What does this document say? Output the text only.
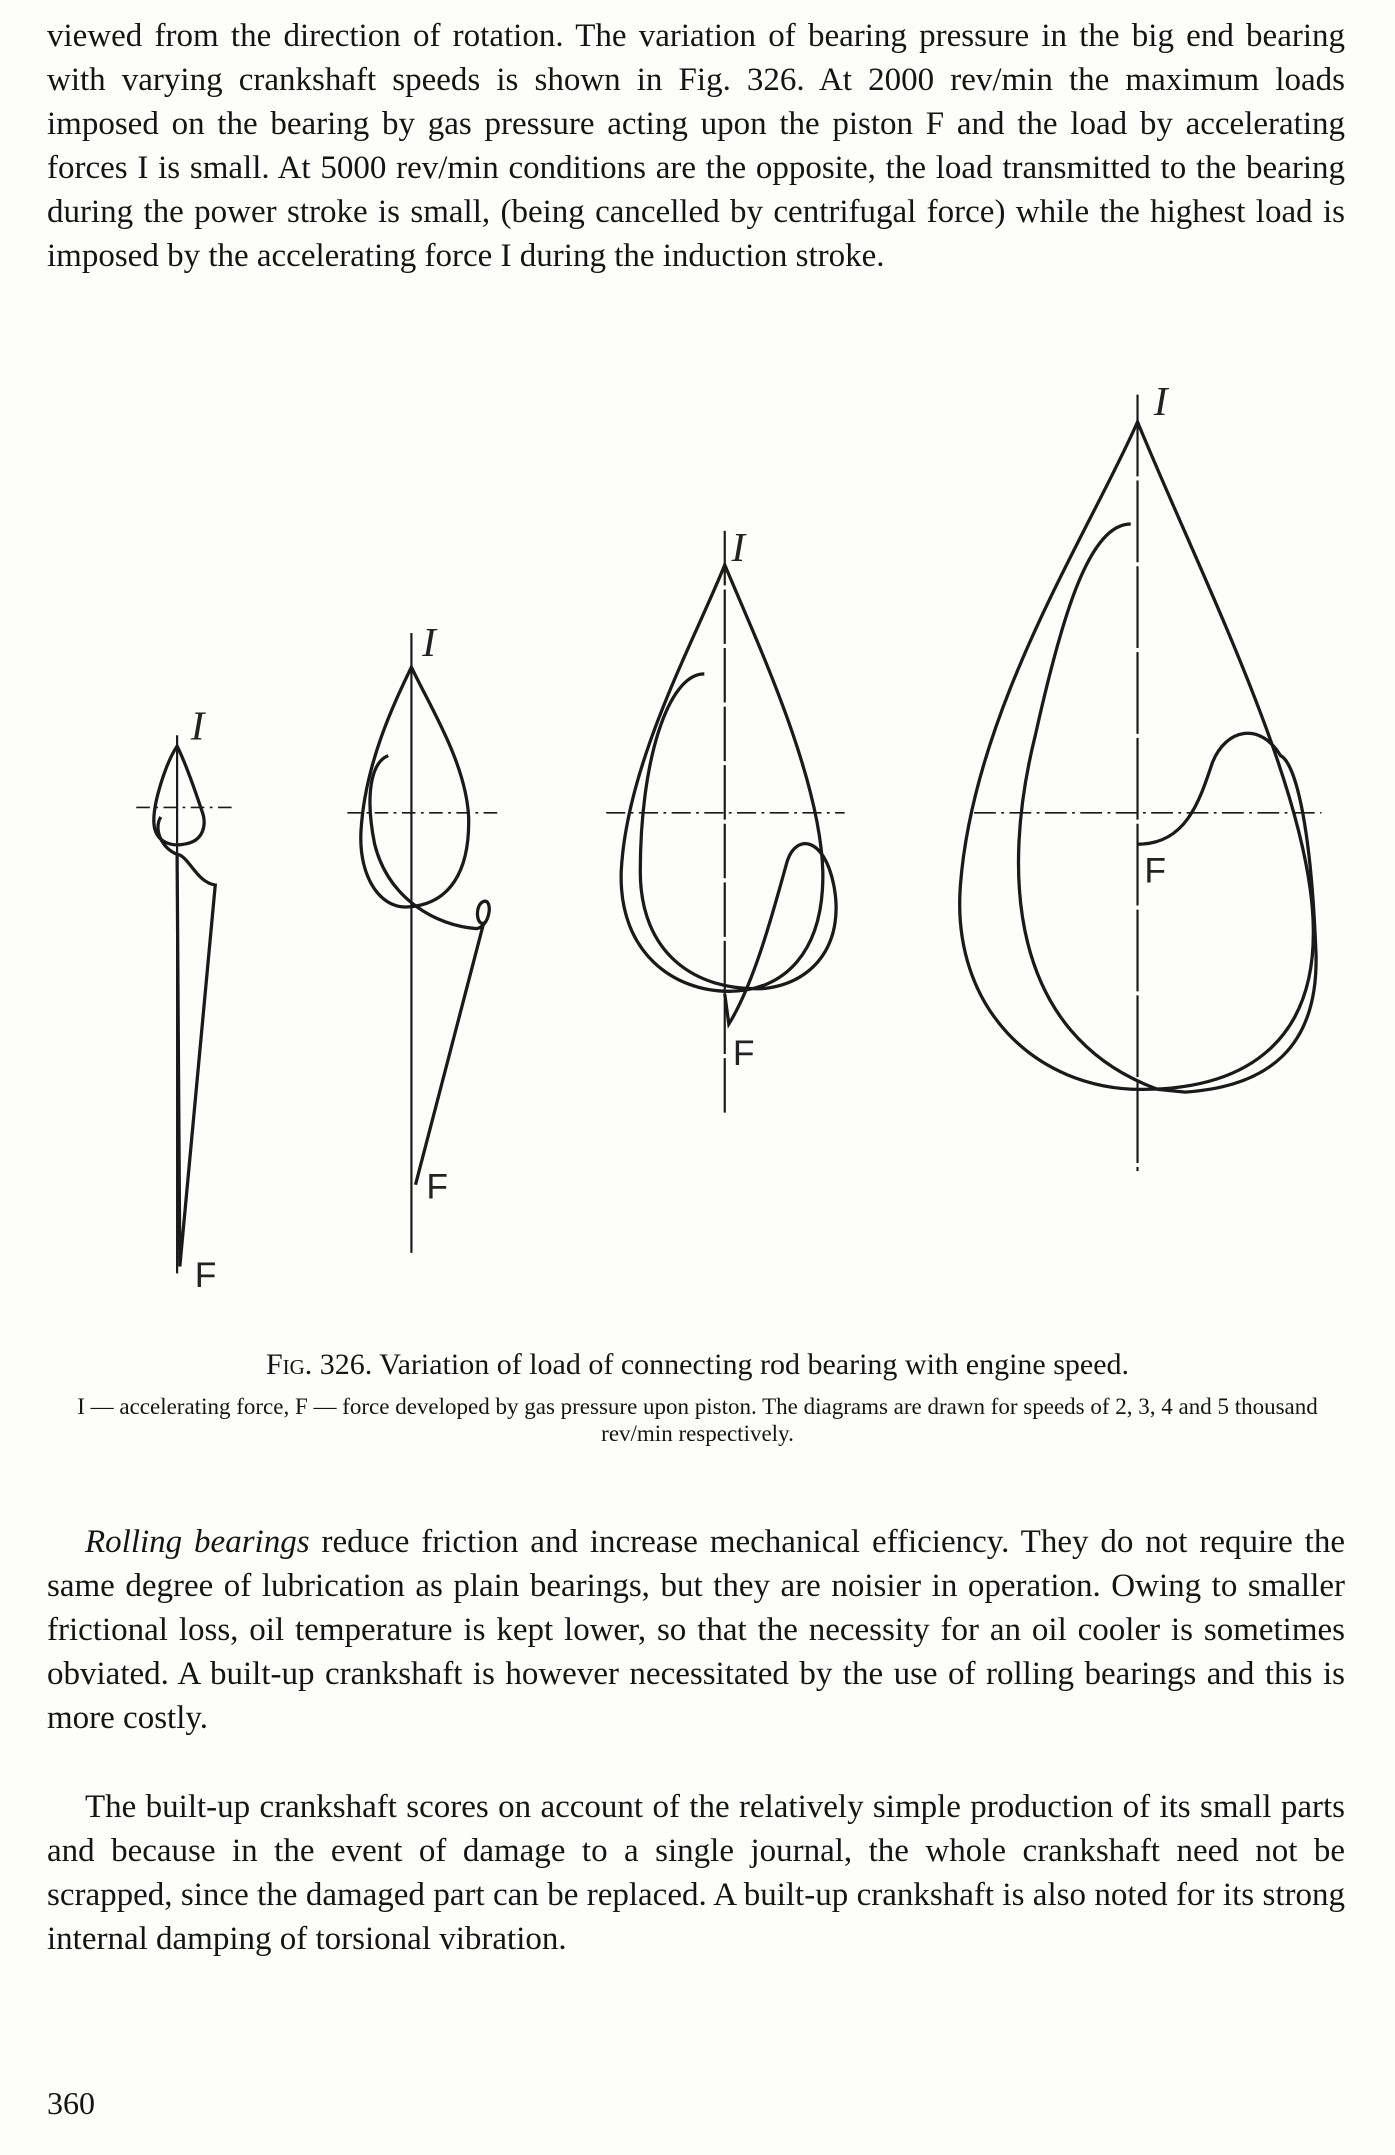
viewed from the direction of rotation. The variation of bearing pressure in the big end bearing with varying crankshaft speeds is shown in Fig. 326. At 2000 rev/min the maximum loads imposed on the bearing by gas pressure acting upon the piston F and the load by accelerating forces I is small. At 5000 rev/min conditions are the opposite, the load transmitted to the bearing during the power stroke is small, (being cancelled by centrifugal force) while the highest load is imposed by the accelerating force I during the induction stroke.

I
F
I
F
I
F
I
F
Fig. 326. Variation of load of connecting rod bearing with engine speed.
I — accelerating force, F — force developed by gas pressure upon piston. The diagrams are drawn for speeds of 2, 3, 4 and 5 thousand rev/min respectively.

Rolling bearings reduce friction and increase mechanical efficiency. They do not require the same degree of lubrication as plain bearings, but they are noisier in operation. Owing to smaller frictional loss, oil temperature is kept lower, so that the necessity for an oil cooler is sometimes obviated. A built-up crankshaft is however necessitated by the use of rolling bearings and this is more costly.

The built-up crankshaft scores on account of the relatively simple production of its small parts and because in the event of damage to a single journal, the whole crankshaft need not be scrapped, since the damaged part can be replaced. A built-up crankshaft is also noted for its strong internal damping of torsional vibration.

360
